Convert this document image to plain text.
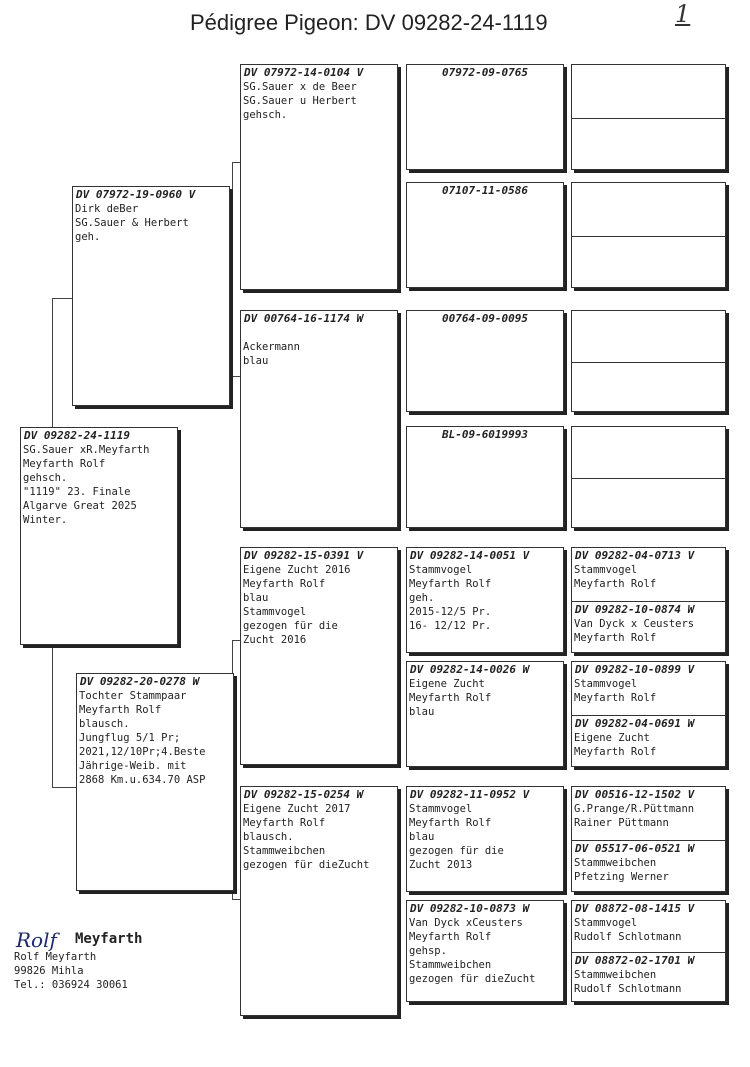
Pédigree Pigeon: DV 09282-24-1119	1
DV 09282-24-1119
SG.Sauer xR.Meyfarth
Meyfarth Rolf
gehsch.
"1119" 23. Finale
Algarve Great 2025
Winter.
DV 07972-19-0960 V
Dirk deBer
SG.Sauer & Herbert
geh.
DV 09282-20-0278 W
Tochter Stammpaar
Meyfarth Rolf
blausch.
Jungflug 5/1 Pr;
2021,12/10Pr;4.Beste
Jährige-Weib. mit
2868 Km.u.634.70 ASP
DV 07972-14-0104 V
SG.Sauer x de Beer
SG.Sauer u Herbert
gehsch.
DV 00764-16-1174 W

Ackermann
blau
DV 09282-15-0391 V
Eigene Zucht 2016
Meyfarth Rolf
blau
Stammvogel
gezogen für die
Zucht 2016
DV 09282-15-0254 W
Eigene Zucht 2017
Meyfarth Rolf
blausch.
Stammweibchen
gezogen für dieZucht
07972-09-0765
07107-11-0586
00764-09-0095
BL-09-6019993
DV 09282-14-0051 V
Stammvogel
Meyfarth Rolf
geh.
2015-12/5 Pr.
16- 12/12 Pr.
DV 09282-14-0026 W
Eigene Zucht
Meyfarth Rolf
blau
DV 09282-11-0952 V
Stammvogel
Meyfarth Rolf
blau
gezogen für die
Zucht 2013
DV 09282-10-0873 W
Van Dyck xCeusters
Meyfarth Rolf
gehsp.
Stammweibchen
gezogen für dieZucht
DV 09282-04-0713 V
Stammvogel
Meyfarth Rolf
DV 09282-10-0874 W
Van Dyck x Ceusters
Meyfarth Rolf
DV 09282-10-0899 V
Stammvogel
Meyfarth Rolf
DV 09282-04-0691 W
Eigene Zucht
Meyfarth Rolf
DV 00516-12-1502 V
G.Prange/R.Püttmann
Rainer Püttmann
DV 05517-06-0521 W
Stammweibchen
Pfetzing Werner
DV 08872-08-1415 V
Stammvogel
Rudolf Schlotmann
DV 08872-02-1701 W
Stammweibchen
Rudolf Schlotmann
Rolf Meyfarth
Rolf Meyfarth
99826 Mihla
Tel.: 036924 30061
